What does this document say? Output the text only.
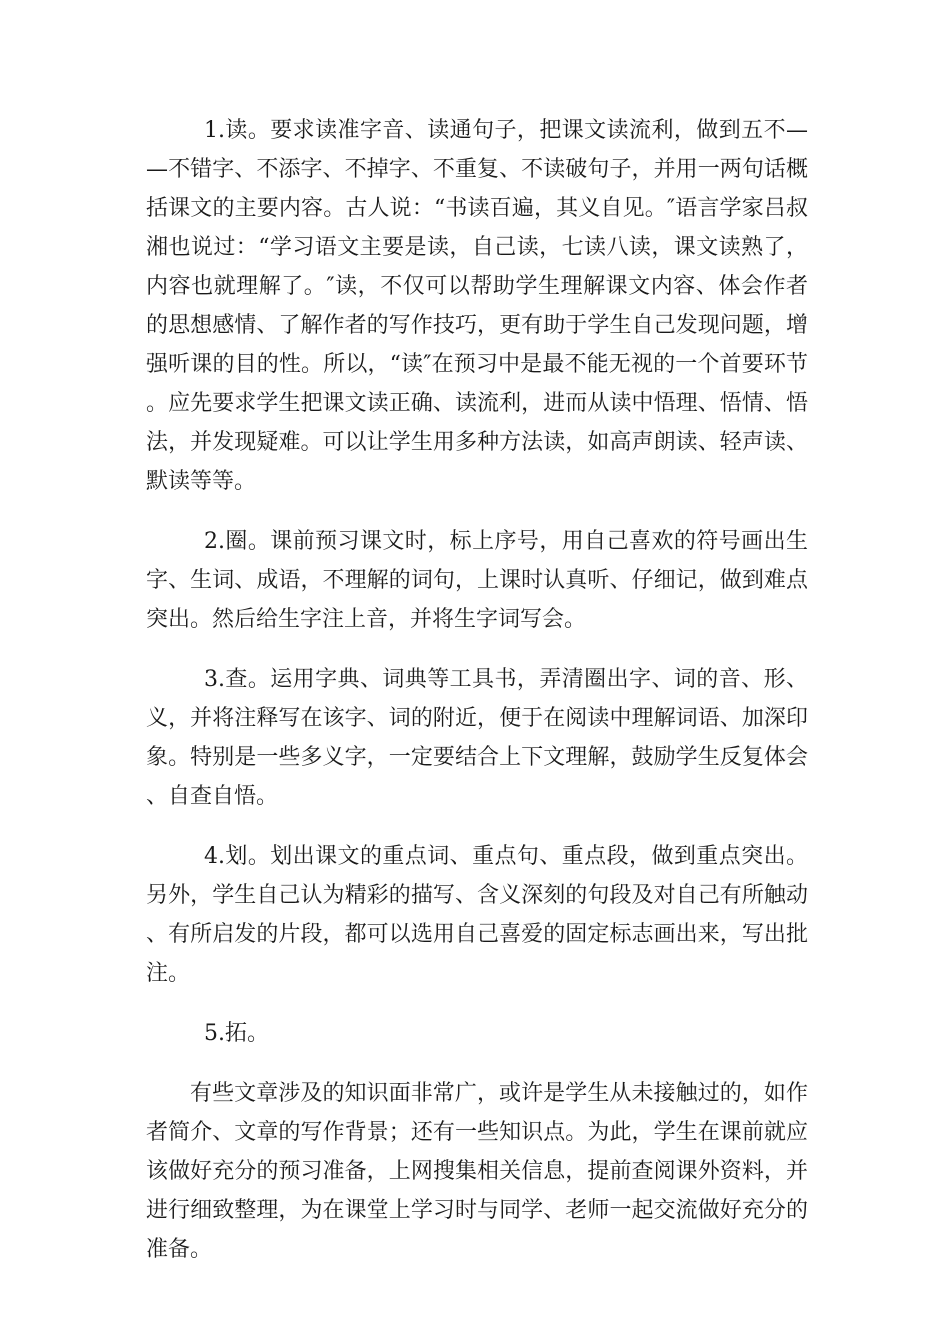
1.读。要求读准字音、读通句子，把课文读流利，做到五不——不错字、不添字、不掉字、不重复、不读破句子，并用一两句话概括课文的主要内容。古人说：“书读百遍，其义自见。″语言学家吕叔湘也说过：“学习语文主要是读，自己读，七读八读，课文读熟了，内容也就理解了。″读，不仅可以帮助学生理解课文内容、体会作者的思想感情、了解作者的写作技巧，更有助于学生自己发现问题，增强听课的目的性。所以，“读″在预习中是最不能无视的一个首要环节。应先要求学生把课文读正确、读流利，进而从读中悟理、悟情、悟法，并发现疑难。可以让学生用多种方法读，如高声朗读、轻声读、默读等等。

2.圈。课前预习课文时，标上序号，用自己喜欢的符号画出生字、生词、成语，不理解的词句，上课时认真听、仔细记，做到难点突出。然后给生字注上音，并将生字词写会。

3.查。运用字典、词典等工具书，弄清圈出字、词的音、形、义，并将注释写在该字、词的附近，便于在阅读中理解词语、加深印象。特别是一些多义字，一定要结合上下文理解，鼓励学生反复体会、自查自悟。

4.划。划出课文的重点词、重点句、重点段，做到重点突出。另外，学生自己认为精彩的描写、含义深刻的句段及对自己有所触动、有所启发的片段，都可以选用自己喜爱的固定标志画出来，写出批注。

5.拓。

有些文章涉及的知识面非常广，或许是学生从未接触过的，如作者简介、文章的写作背景；还有一些知识点。为此，学生在课前就应该做好充分的预习准备，上网搜集相关信息，提前查阅课外资料，并进行细致整理，为在课堂上学习时与同学、老师一起交流做好充分的准备。
